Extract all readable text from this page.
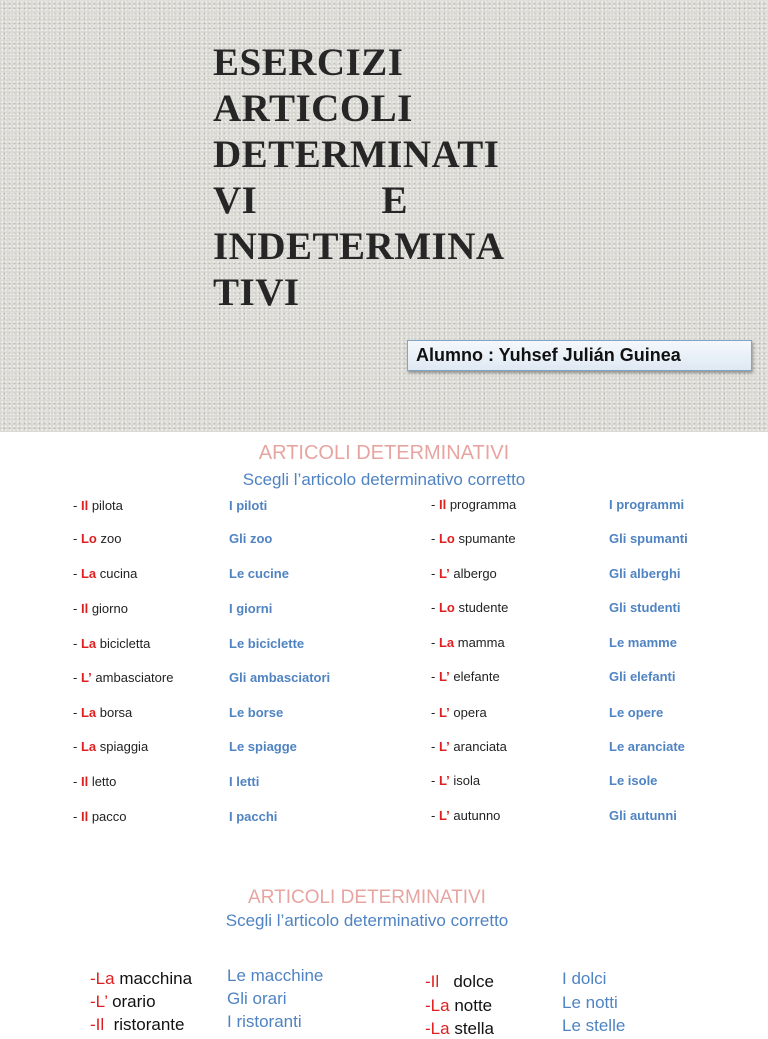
ESERCIZI
ARTICOLI
DETERMINATI
VI	E
INDETERMINA
TIVI
Alumno : Yuhsef Julián Guinea
ARTICOLI DETERMINATIVI
Scegli l’articolo determinativo corretto
- Il pilota	I piloti
- Lo zoo	Gli zoo
- La cucina	Le cucine
- Il giorno	I giorni
- La bicicletta	Le biciclette
- L’ ambasciatore	Gli ambasciatori
- La borsa	Le borse
- La spiaggia	Le spiagge
- Il letto	I letti
- Il pacco	I pacchi
- Il programma	I programmi
- Lo spumante	Gli spumanti
- L’ albergo	Gli alberghi
- Lo studente	Gli studenti
- La mamma	Le mamme
- L’ elefante	Gli elefanti
- L’ opera	Le opere
- L’ aranciata	Le aranciate
- L’ isola	Le isole
- L’ autunno	Gli autunni
ARTICOLI DETERMINATIVI
Scegli l’articolo determinativo corretto
-La macchina Le macchine
-L’ orario	Gli orari
-Il  ristorante	I ristoranti
-Il   dolce	I dolci
-La notte	Le notti
-La stella	Le stelle
